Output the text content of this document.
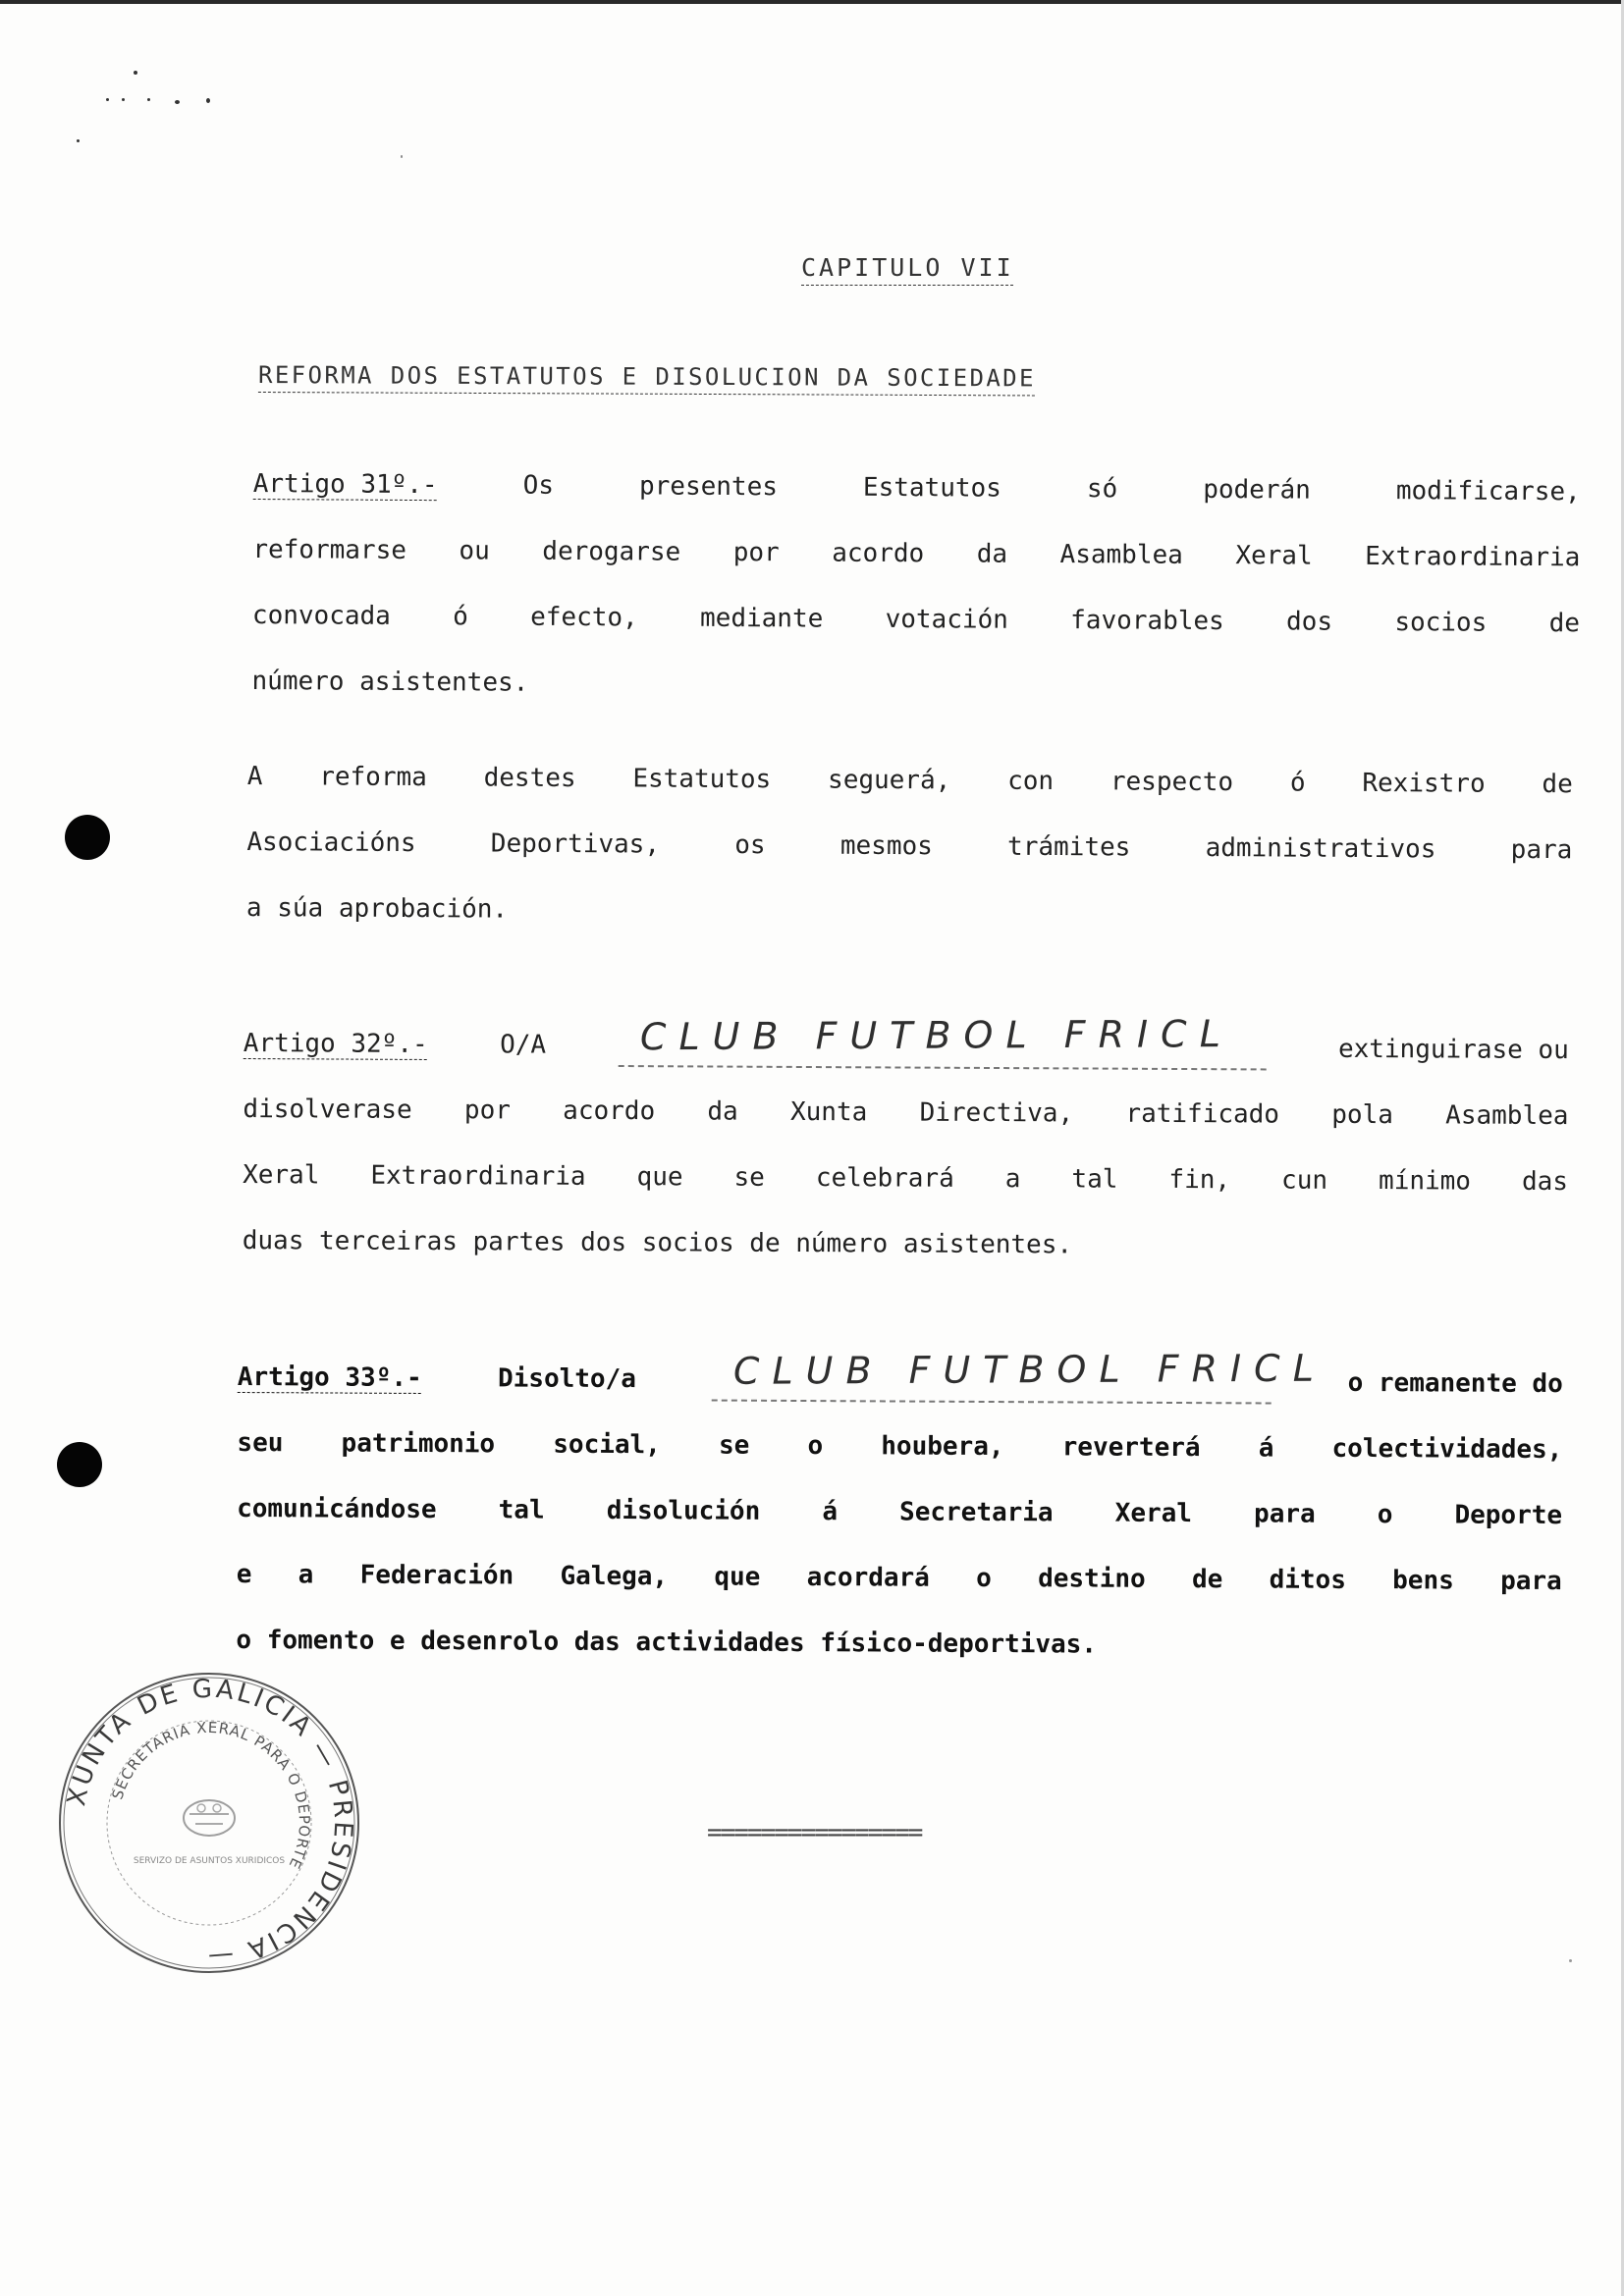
CAPITULO VII
REFORMA DOS ESTATUTOS E DISOLUCION DA SOCIEDADE
Artigo 31º.-	Os	presentes	Estatutos	só	poderán	modificarse,
reformarse ou derogarse por acordo da Asamblea Xeral Extraordinaria
convocada ó efecto, mediante votación favorables dos socios de
número asistentes.
A reforma destes Estatutos seguerá, con respecto ó Rexistro de
Asociacións	Deportivas,	os	mesmos	trámites	administrativos	para
a súa aprobación.
Artigo 32º.-	O/A	CLUB FUTBOL FRICL	extinguirase ou
disolverase por acordo da Xunta Directiva, ratificado pola Asamblea
Xeral Extraordinaria que se celebrará a tal fin, cun mínimo das
duas terceiras partes dos socios de número asistentes.
Artigo 33º.-	Disolto/a	CLUB FUTBOL FRICL o remanente do
seu patrimonio social, se o houbera, reverterá á colectividades,
comunicándose tal disolución á Secretaria Xeral para o Deporte
e a Federación Galega, que acordará o destino de ditos bens para
o fomento e desenrolo das actividades físico-deportivas.
================
XUNTA DE GALICIA — PRESIDENCIA —
SECRETARIA XERAL PARA O DEPORTE
SERVIZO DE ASUNTOS XURIDICOS
